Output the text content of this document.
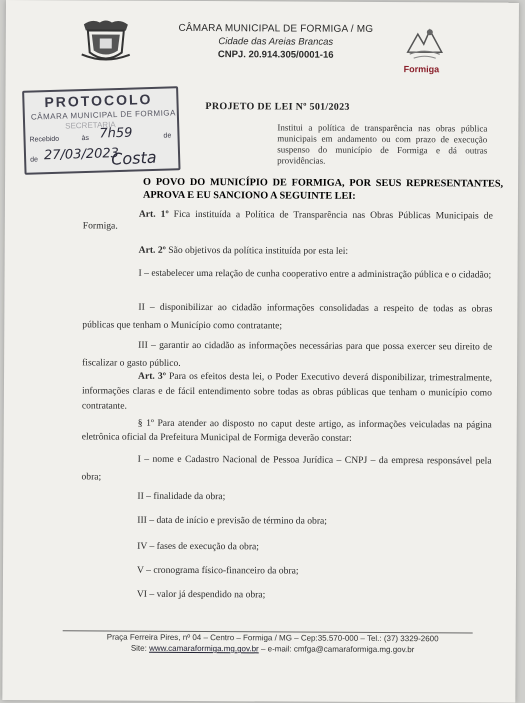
CÂMARA MUNICIPAL DE FORMIGA / MG
Cidade das Areias Brancas
CNPJ. 20.914.305/0001-16
Formiga
PROTOCOLO
CÂMARA MUNICIPAL DE FORMIGA
SECRETARIA
Recebido	às	de
7h59
de 27/03/2023
Costa
PROJETO DE LEI Nº 501/2023
Institui a política de transparência nas obras pública municipais em andamento ou com prazo de execução suspenso do município de Formiga e dá outras providências.
O POVO DO MUNICÍPIO DE FORMIGA, POR SEUS REPRESENTANTES, APROVA E EU SANCIONO A SEGUINTE LEI:
Art. 1º Fica instituída a Política de Transparência nas Obras Públicas Municipais de Formiga.
Art. 2º São objetivos da política instituída por esta lei:
I – estabelecer uma relação de cunha cooperativo entre a administração pública e o cidadão;
II – disponibilizar ao cidadão informações consolidadas a respeito de todas as obras públicas que tenham o Município como contratante;
III – garantir ao cidadão as informações necessárias para que possa exercer seu direito de fiscalizar o gasto público.
Art. 3º Para os efeitos desta lei, o Poder Executivo deverá disponibilizar, trimestralmente, informações claras e de fácil entendimento sobre todas as obras públicas que tenham o município como contratante.
§ 1º Para atender ao disposto no caput deste artigo, as informações veiculadas na página eletrônica oficial da Prefeitura Municipal de Formiga deverão constar:
I – nome e Cadastro Nacional de Pessoa Jurídica – CNPJ – da empresa responsável pela obra;
II – finalidade da obra;
III – data de início e previsão de término da obra;
IV – fases de execução da obra;
V – cronograma físico-financeiro da obra;
VI – valor já despendido na obra;
Praça Ferreira Pires, nº 04 – Centro – Formiga / MG – Cep:35.570-000 – Tel.: (37) 3329-2600
Site: www.camaraformiga.mg.gov.br – e-mail: cmfga@camaraformiga.mg.gov.br
